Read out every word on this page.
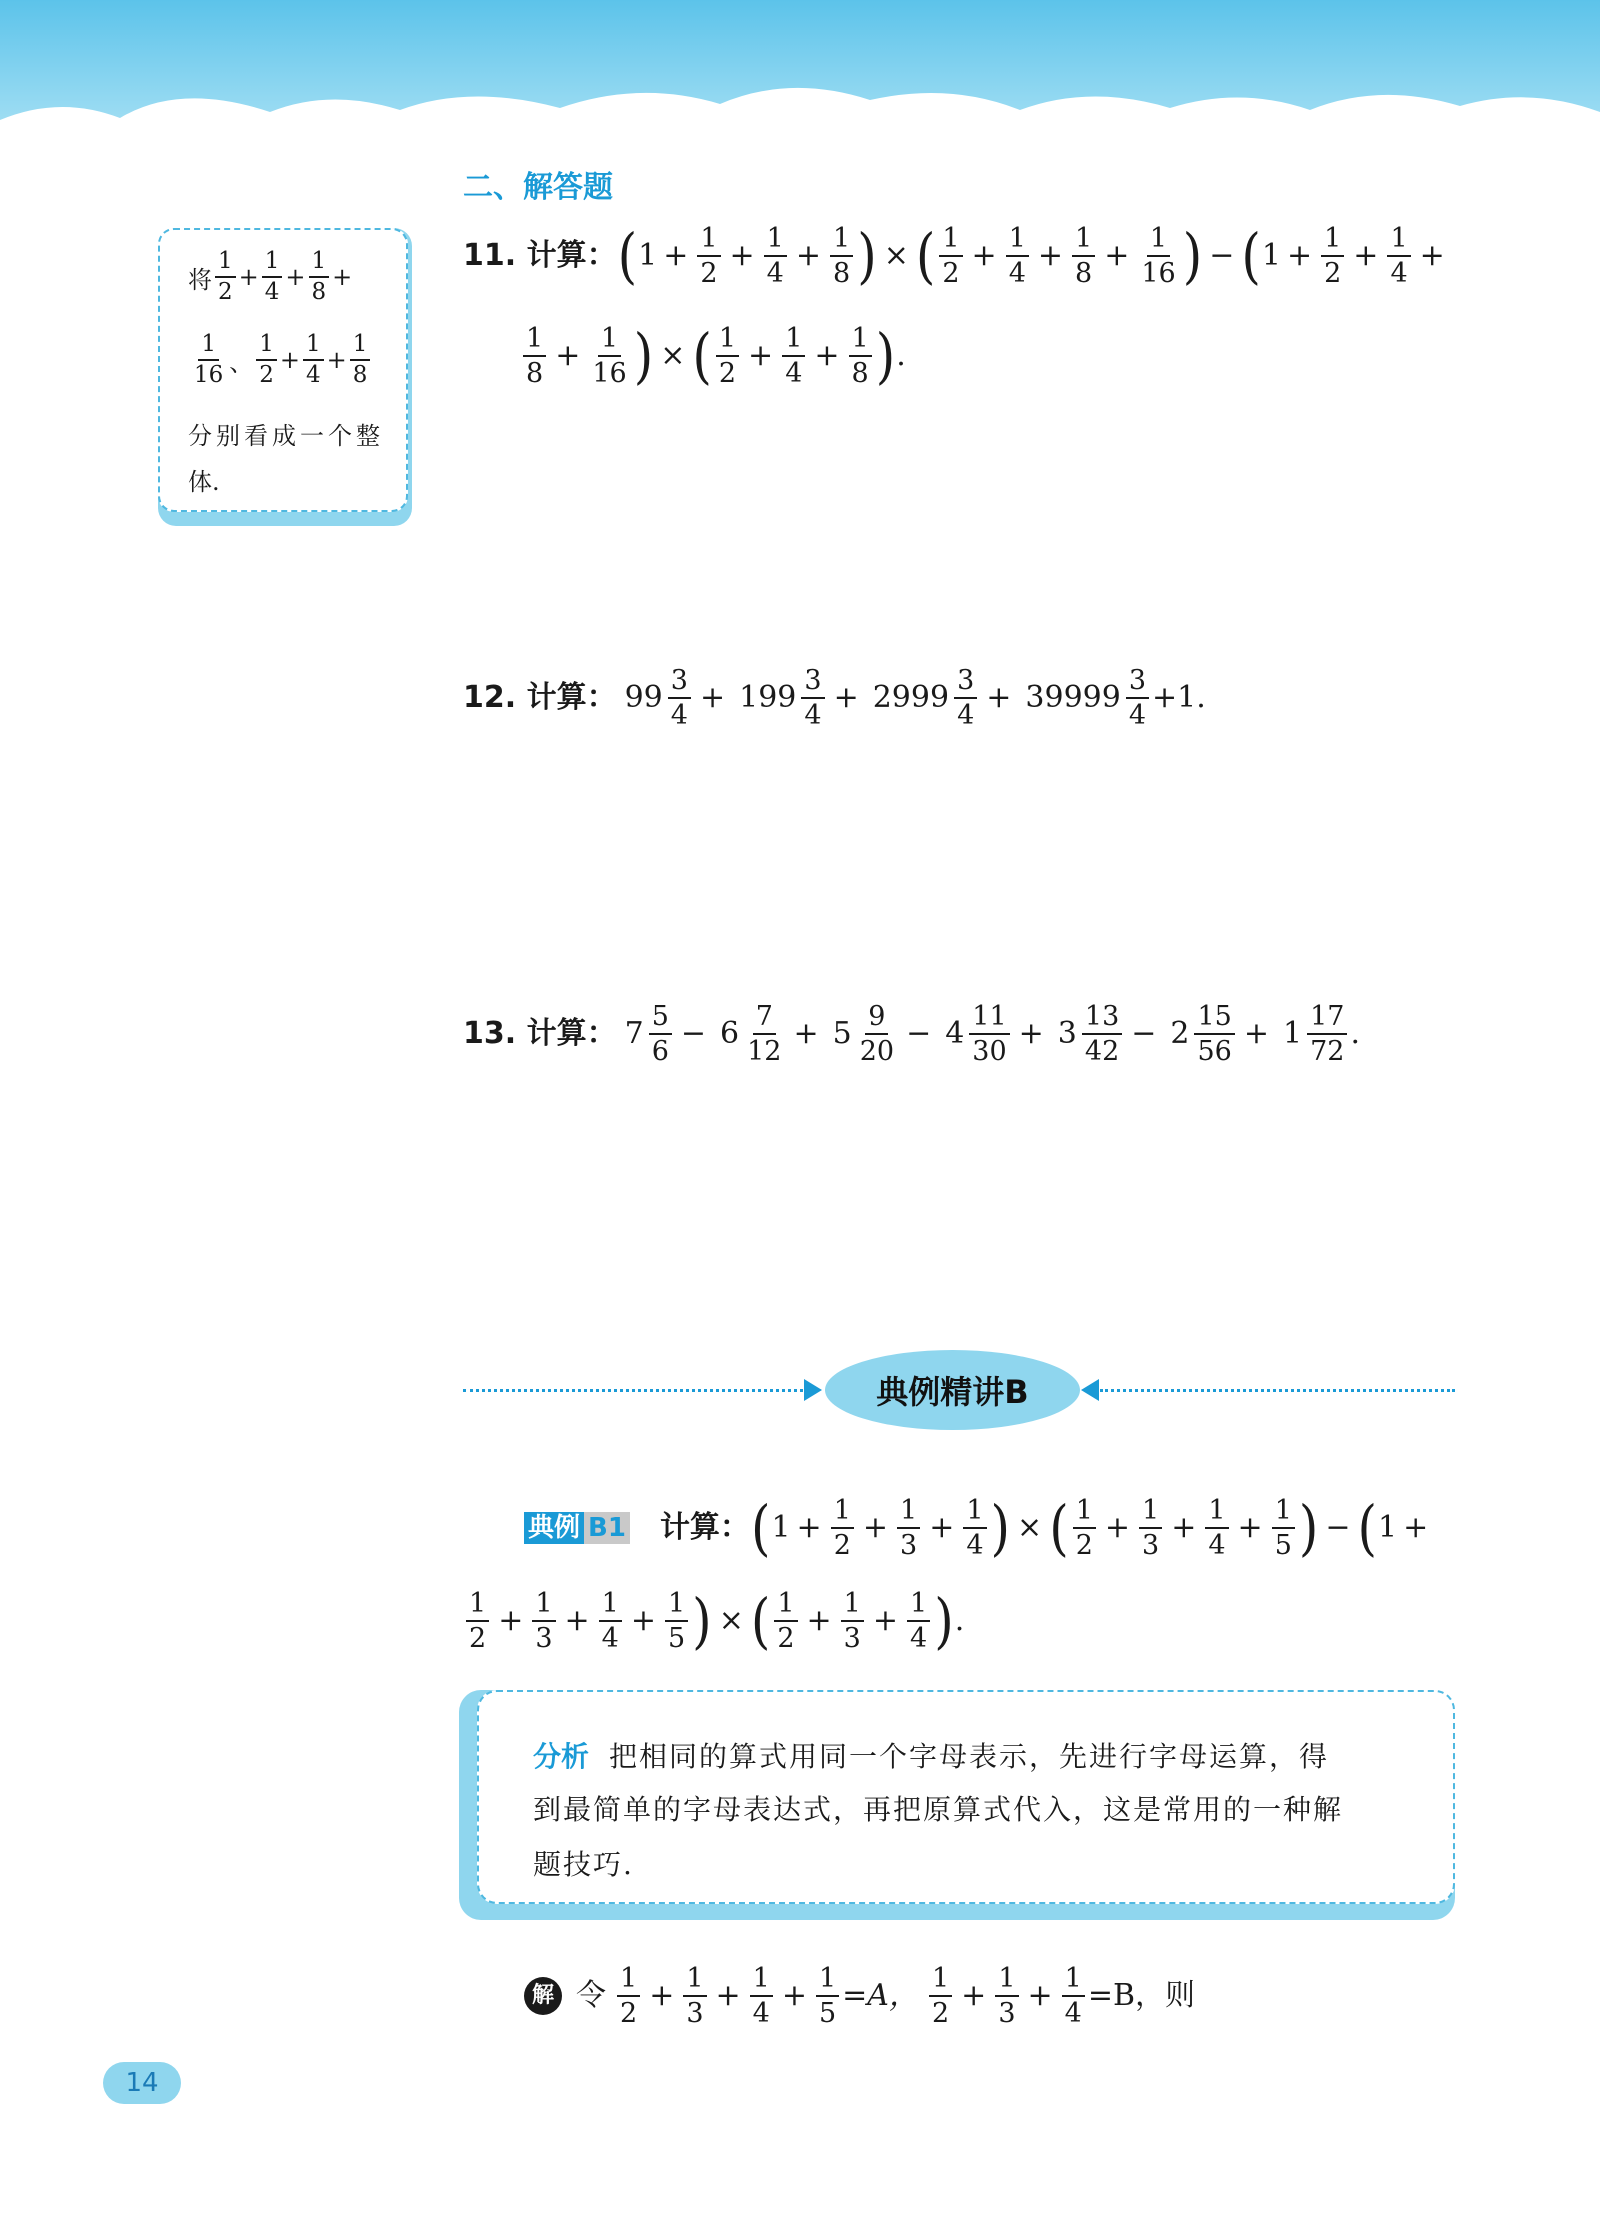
二、解答题
将 $\frac{1}{2} + \frac{1}{4} + \frac{1}{8}$ +
$\frac{1}{16}$ 、 $\frac{1}{2} + \frac{1}{4} + \frac{1}{8}$
分别看成一个整
体.
11. 计算： ( $1 + \frac{1}{2} + \frac{1}{4} + \frac{1}{8}$ ) × ( $\frac{1}{2} + \frac{1}{4} + \frac{1}{8} + \frac{1}{16}$ ) − ( $1 + \frac{1}{2} + \frac{1}{4}$ +
$\frac{1}{8} + \frac{1}{16}$ ) × ( $\frac{1}{2} + \frac{1}{4} + \frac{1}{8}$ ) .
12. 计算： $99 \frac{3}{4} + 199 \frac{3}{4} + 2999 \frac{3}{4} + 39999 \frac{3}{4} +1$.
13. 计算： $7 \frac{5}{6} - 6 \frac{7}{12} + 5 \frac{9}{20} - 4 \frac{11}{30} + 3 \frac{13}{42} - 2 \frac{15}{56} + 1 \frac{17}{72}$ .
典例精讲B
典例 B1 计算： ( $1 + \frac{1}{2} + \frac{1}{3} + \frac{1}{4}$ ) × ( $\frac{1}{2} + \frac{1}{3} + \frac{1}{4} + \frac{1}{5}$ ) − ( 1 +
$\frac{1}{2} + \frac{1}{3} + \frac{1}{4} + \frac{1}{5}$ ) × ( $\frac{1}{2} + \frac{1}{3} + \frac{1}{4}$ ) .
分析 把相同的算式用同一个字母表示，先进行字母运算，得
到最简单的字母表达式，再把原算式代入，这是常用的一种解
题技巧.
解 令 $\frac{1}{2} + \frac{1}{3} + \frac{1}{4} + \frac{1}{5} =A$， $\frac{1}{2} + \frac{1}{3} + \frac{1}{4} =B$，则
14
